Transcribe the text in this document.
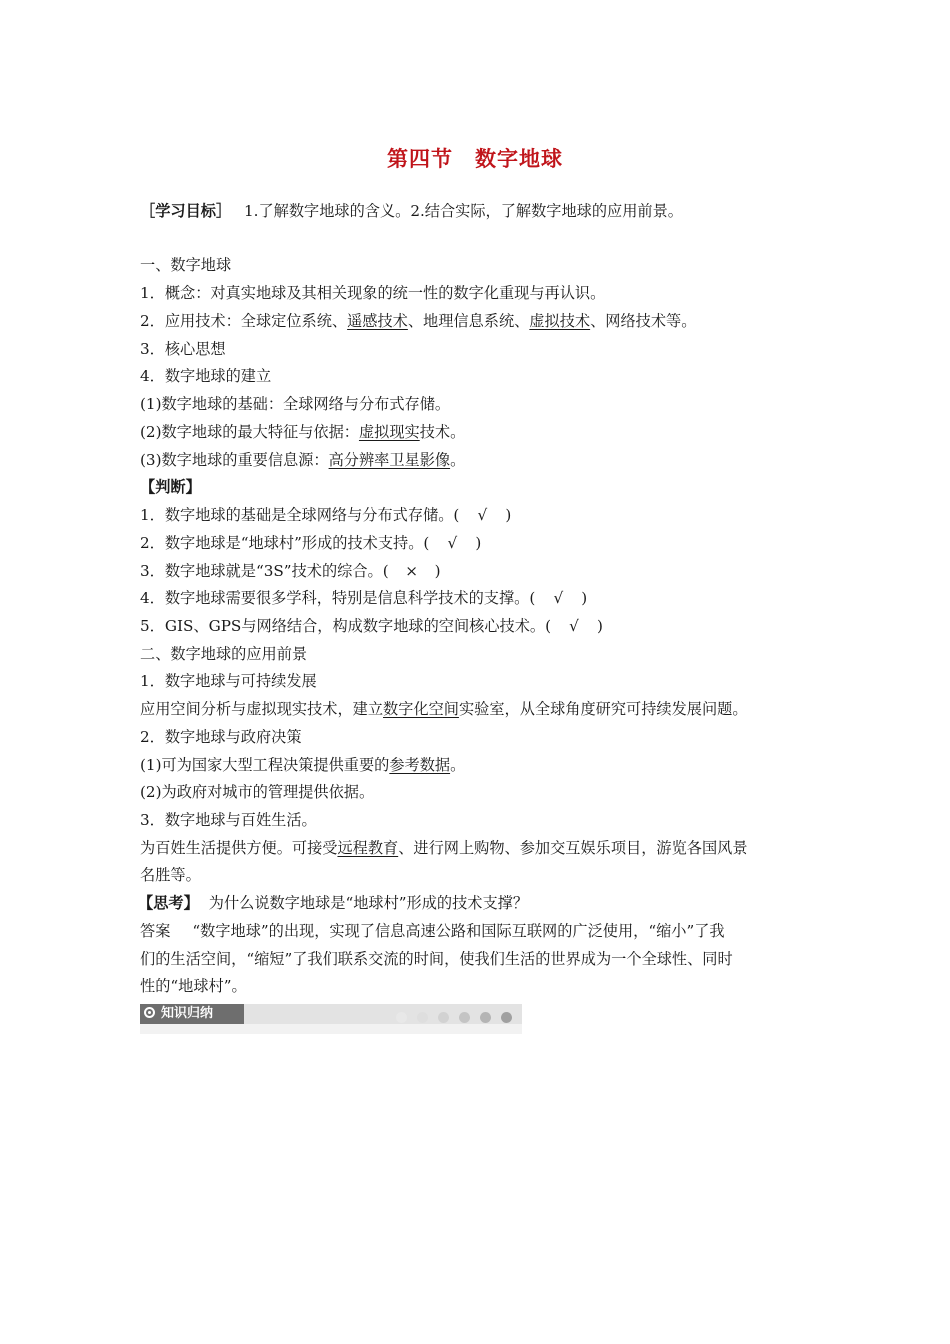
第四节　数字地球
［学习目标］ 1.了解数字地球的含义。2.结合实际，了解数字地球的应用前景。
一、数字地球
1．概念：对真实地球及其相关现象的统一性的数字化重现与再认识。
2．应用技术：全球定位系统、遥感技术、地理信息系统、虚拟技术、网络技术等。
3．核心思想
4．数字地球的建立
(1)数字地球的基础：全球网络与分布式存储。
(2)数字地球的最大特征与依据：虚拟现实技术。
(3)数字地球的重要信息源：高分辨率卫星影像。
【判断】
1．数字地球的基础是全球网络与分布式存储。( √ )
2．数字地球是“地球村”形成的技术支持。( √ )
3．数字地球就是“3S”技术的综合。( × )
4．数字地球需要很多学科，特别是信息科学技术的支撑。( √ )
5．GIS、GPS与网络结合，构成数字地球的空间核心技术。( √ )
二、数字地球的应用前景
1．数字地球与可持续发展
应用空间分析与虚拟现实技术，建立数字化空间实验室，从全球角度研究可持续发展问题。
2．数字地球与政府决策
(1)可为国家大型工程决策提供重要的参考数据。
(2)为政府对城市的管理提供依据。
3．数字地球与百姓生活。
为百姓生活提供方便。可接受远程教育、进行网上购物、参加交互娱乐项目，游览各国风景
名胜等。
【思考】 为什么说数字地球是“地球村”形成的技术支撑？
答案 “数字地球”的出现，实现了信息高速公路和国际互联网的广泛使用，“缩小”了我
们的生活空间，“缩短”了我们联系交流的时间，使我们生活的世界成为一个全球性、同时
性的“地球村”。
知识归纳
